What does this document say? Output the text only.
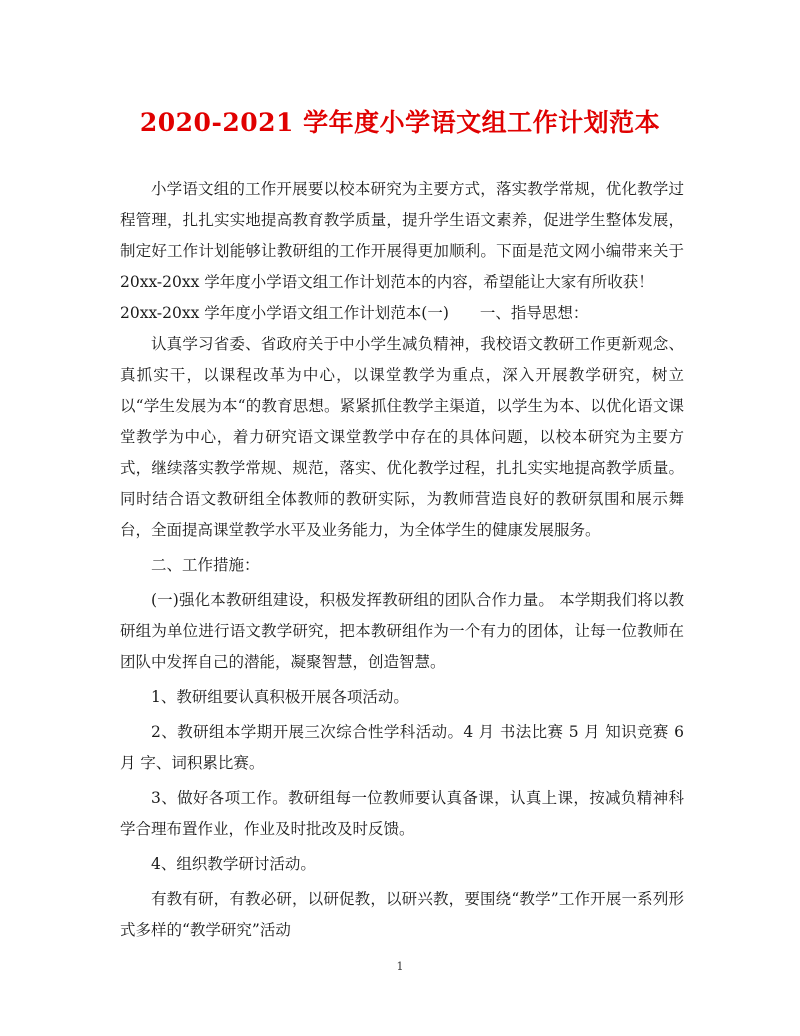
2020-2021 学年度小学语文组工作计划范本

小学语文组的工作开展要以校本研究为主要方式，落实教学常规，优化教学过程管理，扎扎实实地提高教育教学质量，提升学生语文素养，促进学生整体发展，制定好工作计划能够让教研组的工作开展得更加顺利。下面是范文网小编带来关于 20xx-20xx 学年度小学语文组工作计划范本的内容，希望能让大家有所收获！

20xx-20xx 学年度小学语文组工作计划范本(一)　　一、指导思想：

认真学习省委、省政府关于中小学生减负精神，我校语文教研工作更新观念、真抓实干，以课程改革为中心，以课堂教学为重点，深入开展教学研究，树立以“学生发展为本“的教育思想。紧紧抓住教学主渠道，以学生为本、以优化语文课堂教学为中心，着力研究语文课堂教学中存在的具体问题，以校本研究为主要方式，继续落实教学常规、规范，落实、优化教学过程，扎扎实实地提高教学质量。同时结合语文教研组全体教师的教研实际，为教师营造良好的教研氛围和展示舞台，全面提高课堂教学水平及业务能力，为全体学生的健康发展服务。

二、工作措施：

(一)强化本教研组建设，积极发挥教研组的团队合作力量。 本学期我们将以教研组为单位进行语文教学研究，把本教研组作为一个有力的团体，让每一位教师在团队中发挥自己的潜能，凝聚智慧，创造智慧。

1、教研组要认真积极开展各项活动。

2、教研组本学期开展三次综合性学科活动。4 月 书法比赛 5 月 知识竞赛 6 月 字、词积累比赛。

3、做好各项工作。教研组每一位教师要认真备课，认真上课，按减负精神科学合理布置作业，作业及时批改及时反馈。

4、组织教学研讨活动。

有教有研，有教必研，以研促教，以研兴教，要围绕“教学”工作开展一系列形式多样的“教学研究”活动

1
